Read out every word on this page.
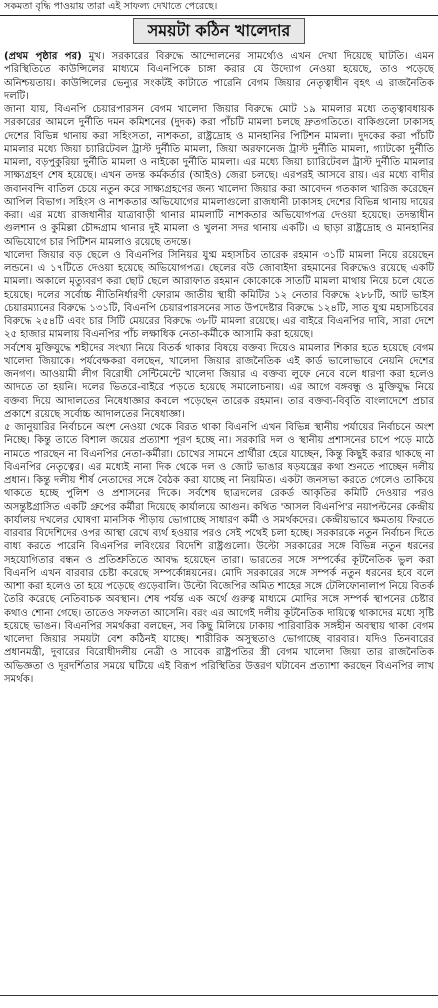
সকমতা বৃদ্ধি পাওয়ায় তারা এই সাফল্য দেখাতে পেরেছে।
সময়টা কঠিন খালেদার

(প্রথম পৃষ্ঠার পর) মুখ। সরকারের বিরুদ্ধে আন্দোলনের সামর্থ্যেও এখন দেখা দিয়েছে ঘাটতি। এমন পরিস্থিতিতে কাউন্সিলের মাধ্যমে বিএনপিকে চাঙ্গা করার যে উদ্যোগ নেওয়া হয়েছে, তাও পড়েছে অনিশ্চয়তায়। কাউন্সিলের ভেন্যুর সংকটই কাটাতে পারেনি বেগম জিয়ার নেতৃত্বাধীন বৃহৎ এ রাজনৈতিক দলটি।

জানা যায়, বিএনপি চেয়ারপারসন বেগম খালেদা জিয়ার বিরুদ্ধে মোট ১৯ মামলার মধ্যে তত্ত্বাবধায়ক সরকারের আমলে দুর্নীতি দমন কমিশনের (দুদক) করা পাঁচটি মামলা চলছে দ্রুতগতিতে। বাকিগুলো ঢাকাসহ দেশের বিভিন্ন থানায় করা সহিংসতা, নাশকতা, রাষ্ট্রদ্রোহ ও মানহানির পিটিশন মামলা। দুদকের করা পাঁচটি মামলার মধ্যে জিয়া চ্যারিটেবল ট্রাস্ট দুর্নীতি মামলা, জিয়া অরফানেজ ট্রাস্ট দুর্নীতি মামলা, গ্যাটকো দুর্নীতি মামলা, বড়পুকুরিয়া দুর্নীতি মামলা ও নাইকো দুর্নীতি মামলা। এর মধ্যে জিয়া চ্যারিটেবল ট্রাস্ট দুর্নীতি মামলার সাক্ষ্যগ্রহণ শেষ হয়েছে। এখন তদন্ত কর্মকর্তার (আইও) জেরা চলছে। এরপরই আসবে রায়। এর মধ্যে বাদীর জবানবন্দি বাতিল চেয়ে নতুন করে সাক্ষ্যগ্রহণের জন্য খালেদা জিয়ার করা আবেদন গতকাল খারিজ করেছেন আপিল বিভাগ। সহিংস ও নাশকতার অভিযোগের মামলাগুলো রাজধানী ঢাকাসহ দেশের বিভিন্ন থানায় দায়ের করা। এর মধ্যে রাজধানীর যাত্রাবাড়ী থানার মামলাটি নাশকতার অভিযোগপত্র দেওয়া হয়েছে। তদন্তাধীন গুলশান ও কুমিল্লা চৌদ্দগ্রাম থানার দুই মামলা ও খুলনা সদর থানায় একটি। এ ছাড়া রাষ্ট্রদ্রোহ ও মানহানির অভিযোগে চার পিটিশন মামলাও রয়েছে তদন্তে।

খালেদা জিয়ার বড় ছেলে ও বিএনপির সিনিয়র যুগ্ম মহাসচিব তারেক রহমান ৩১টি মামলা নিয়ে রয়েছেন লন্ডনে। এ ১৭টিতে দেওয়া হয়েছে অভিযোগপত্র। ছেলের বউ জোবাইদা রহমানের বিরুদ্ধেও রয়েছে একটি মামলা। অকালে মৃত্যুবরণ করা ছোট ছেলে আরাফাত রহমান কোকোকে সাতটি মামলা মাথায় নিয়ে চলে যেতে হয়েছে। দলের সর্বোচ্চ নীতিনির্ধারণী ফোরাম জাতীয় স্থায়ী কমিটির ১২ নেতার বিরুদ্ধে ২৮৮টি, আট ভাইস চেয়ারম্যানের বিরুদ্ধে ১৩১টি, বিএনপি চেয়ারপারসনের সাত উপদেষ্টার বিরুদ্ধে ১২৪টি, সাত যুগ্ম মহাসচিবের বিরুদ্ধে ২৫৪টি এবং চার সিটি মেয়রের বিরুদ্ধে ৩৮টি মামলা রয়েছে। এর বাইরে বিএনপির দাবি, সারা দেশে ২৫ হাজার মামলায় বিএনপির পাঁচ লক্ষাধিক নেতা-কর্মীকে আসামি করা হয়েছে।

সর্বশেষ মুক্তিযুদ্ধে শহীদের সংখ্যা নিয়ে বিতর্ক থাকার বিষয়ে বক্তব্য দিয়েও মামলার শিকার হতে হয়েছে বেগম খালেদা জিয়াকে। পর্যবেক্ষকরা বলছেন, খালেদা জিয়ার রাজনৈতিক এই কার্ড ভালোভাবে নেয়নি দেশের জনগণ। আওয়ামী লীগ বিরোধী সেন্টিমেন্টে খালেদা জিয়ার এ বক্তব্য লুফে নেবে বলে ধারণা করা হলেও আদতে তা হয়নি। দলের ভিতরে-বাইরে পড়তে হয়েছে সমালোচনায়। এর আগে বঙ্গবন্ধু ও মুক্তিযুদ্ধ নিয়ে বক্তব্য দিয়ে আদালতের নিষেধাজ্ঞার কবলে পড়েছেন তারেক রহমান। তার বক্তব্য-বিবৃতি বাংলাদেশে প্রচার প্রকাশে রয়েছে সর্বোচ্চ আদালতের নিষেধাজ্ঞা।

৫ জানুয়ারির নির্বাচনে অংশ নেওয়া থেকে বিরত থাকা বিএনপি এখন বিভিন্ন স্থানীয় পর্যায়ের নির্বাচনে অংশ নিচ্ছে। কিন্তু তাতে বিশাল জয়ের প্রত্যাশা পূরণ হচ্ছে না। সরকারি দল ও স্থানীয় প্রশাসনের চাপে পড়ে মাঠে নামতে পারছেন না বিএনপির নেতা-কর্মীরা। চোখের সামনে প্রার্থীরা হেরে যাচ্ছেন, কিন্তু কিছুই করার থাকছে না বিএনপির নেতৃত্বের। এর মধ্যেই নানা দিক থেকে দল ও জোট ভাঙার ষড়যন্ত্রের কথা শুনতে পাচ্ছেন দলীয় প্রধান। কিন্তু দলীয় শীর্ষ নেতাদের সঙ্গে বৈঠক করা যাচ্ছে না নিয়মিত। একটা জনসভা করতে গেলেও তাকিয়ে থাকতে হচ্ছে পুলিশ ও প্রশাসনের দিকে। সর্বশেষ ছাত্রদলের রেকর্ড আকৃতির কমিটি দেওয়ার পরও অসন্তুষ্টগ্রাসিত একটি গ্রুপের কর্মীরা দিয়েছে কার্যালয়ে আগুন। কথিত 'আসল বিএনপি'র নয়াপল্টনের কেন্দ্রীয় কার্যালয় দখলের ঘোষণা মানসিক পীড়ায় ভোগাচ্ছে সাধারণ কর্মী ও সমর্থকদের। কেন্দ্রীয়ভাবে ক্ষমতায় ফিরতে বারবার বিদেশিদের ওপর আস্থা রেখে ব্যর্থ হওয়ার পরও সেই পথেই চলা হচ্ছে। সরকারকে নতুন নির্বাচন দিতে বাধ্য করতে পারেনি বিএনপির লবিংয়ের বিদেশি রাষ্ট্রগুলো। উল্টো সরকারের সঙ্গে বিভিন্ন নতুন ধরনের সহযোগিতার বন্ধন ও প্রতিশ্রুতিতে আবদ্ধ হয়েছেন তারা। ভারতের সঙ্গে সম্পর্কের কূটনৈতিক ভুল করা বিএনপি এখন বারবার চেষ্টা করেছে সম্পর্কোন্নয়নের। মোদি সরকারের সঙ্গে সম্পর্ক নতুন ধরনের হবে বলে আশা করা হলেও তা হয়ে পড়েছে গুড়েবালি। উল্টো বিজেপির অমিত শাহের সঙ্গে টেলিফোনালাপ নিয়ে বিতর্ক তৈরি করেছে নেতিবাচক অবস্থান। শেষ পর্যন্ত এক অর্থে গুরুত্ব মাধ্যমে মোদির সঙ্গে সম্পর্ক স্থাপনের চেষ্টার কথাও শোনা গেছে। তাতেও সফলতা আসেনি। বরং এর আগেই দলীয় কূটনৈতিক দায়িত্বে থাকাদের মধ্যে সৃষ্টি হয়েছে ভাঙন। বিএনপির সমর্থকরা বলছেন, সব কিছু মিলিয়ে ঢাকায় পারিবারিক সঙ্গহীন অবস্থায় থাকা বেগম খালেদা জিয়ার সময়টা বেশ কঠিনই যাচ্ছে। শারীরিক অসুস্থতাও ভোগাচ্ছে বারবার। যদিও তিনবারের প্রধানমন্ত্রী, দুবারের বিরোধীদলীয় নেত্রী ও সাবেক রাষ্ট্রপতির স্ত্রী বেগম খালেদা জিয়া তার রাজনৈতিক অভিজ্ঞতা ও দূরদর্শিতার সময়ে ঘটিয়ে এই বিরূপ পরিস্থিতির উত্তরণ ঘটাবেন প্রত্যাশা করছেন বিএনপির লাখ সমর্থক।
